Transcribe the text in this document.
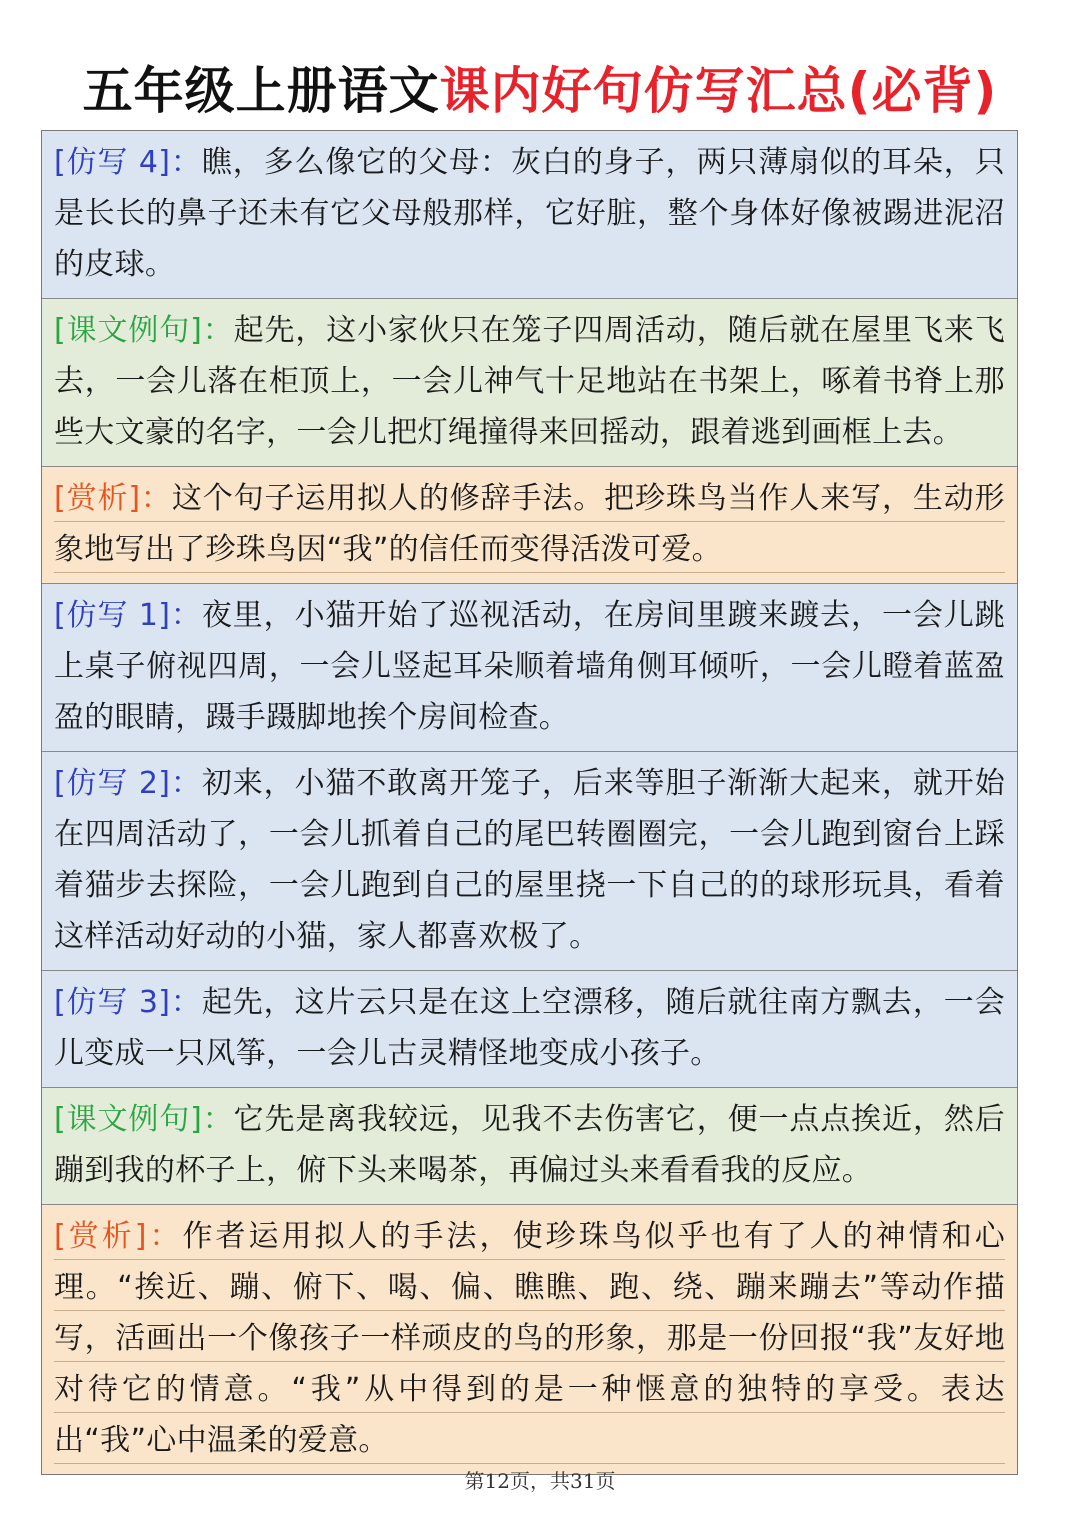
五年级上册语文课内好句仿写汇总(必背)

[仿写 4]：瞧，多么像它的父母：灰白的身子，两只薄扇似的耳朵，只是长长的鼻子还未有它父母般那样，它好脏，整个身体好像被踢进泥沼的皮球。

[课文例句]：起先，这小家伙只在笼子四周活动，随后就在屋里飞来飞去，一会儿落在柜顶上，一会儿神气十足地站在书架上，啄着书脊上那些大文豪的名字，一会儿把灯绳撞得来回摇动，跟着逃到画框上去。

[赏析]：这个句子运用拟人的修辞手法。把珍珠鸟当作人来写，生动形象地写出了珍珠鸟因“我”的信任而变得活泼可爱。

[仿写 1]：夜里，小猫开始了巡视活动，在房间里踱来踱去，一会儿跳上桌子俯视四周，一会儿竖起耳朵顺着墙角侧耳倾听，一会儿瞪着蓝盈盈的眼睛，蹑手蹑脚地挨个房间检查。

[仿写 2]：初来，小猫不敢离开笼子，后来等胆子渐渐大起来，就开始在四周活动了，一会儿抓着自己的尾巴转圈圈完，一会儿跑到窗台上踩着猫步去探险，一会儿跑到自己的屋里挠一下自己的的球形玩具，看着这样活动好动的小猫，家人都喜欢极了。

[仿写 3]：起先，这片云只是在这上空漂移，随后就往南方飘去，一会儿变成一只风筝，一会儿古灵精怪地变成小孩子。

[课文例句]：它先是离我较远，见我不去伤害它，便一点点挨近，然后蹦到我的杯子上，俯下头来喝茶，再偏过头来看看我的反应。

[赏析]：作者运用拟人的手法，使珍珠鸟似乎也有了人的神情和心理。“挨近、蹦、俯下、喝、偏、瞧瞧、跑、绕、蹦来蹦去”等动作描写，活画出一个像孩子一样顽皮的鸟的形象，那是一份回报“我”友好地对待它的情意。“我”从中得到的是一种惬意的独特的享受。表达出“我”心中温柔的爱意。

第12页，共31页
